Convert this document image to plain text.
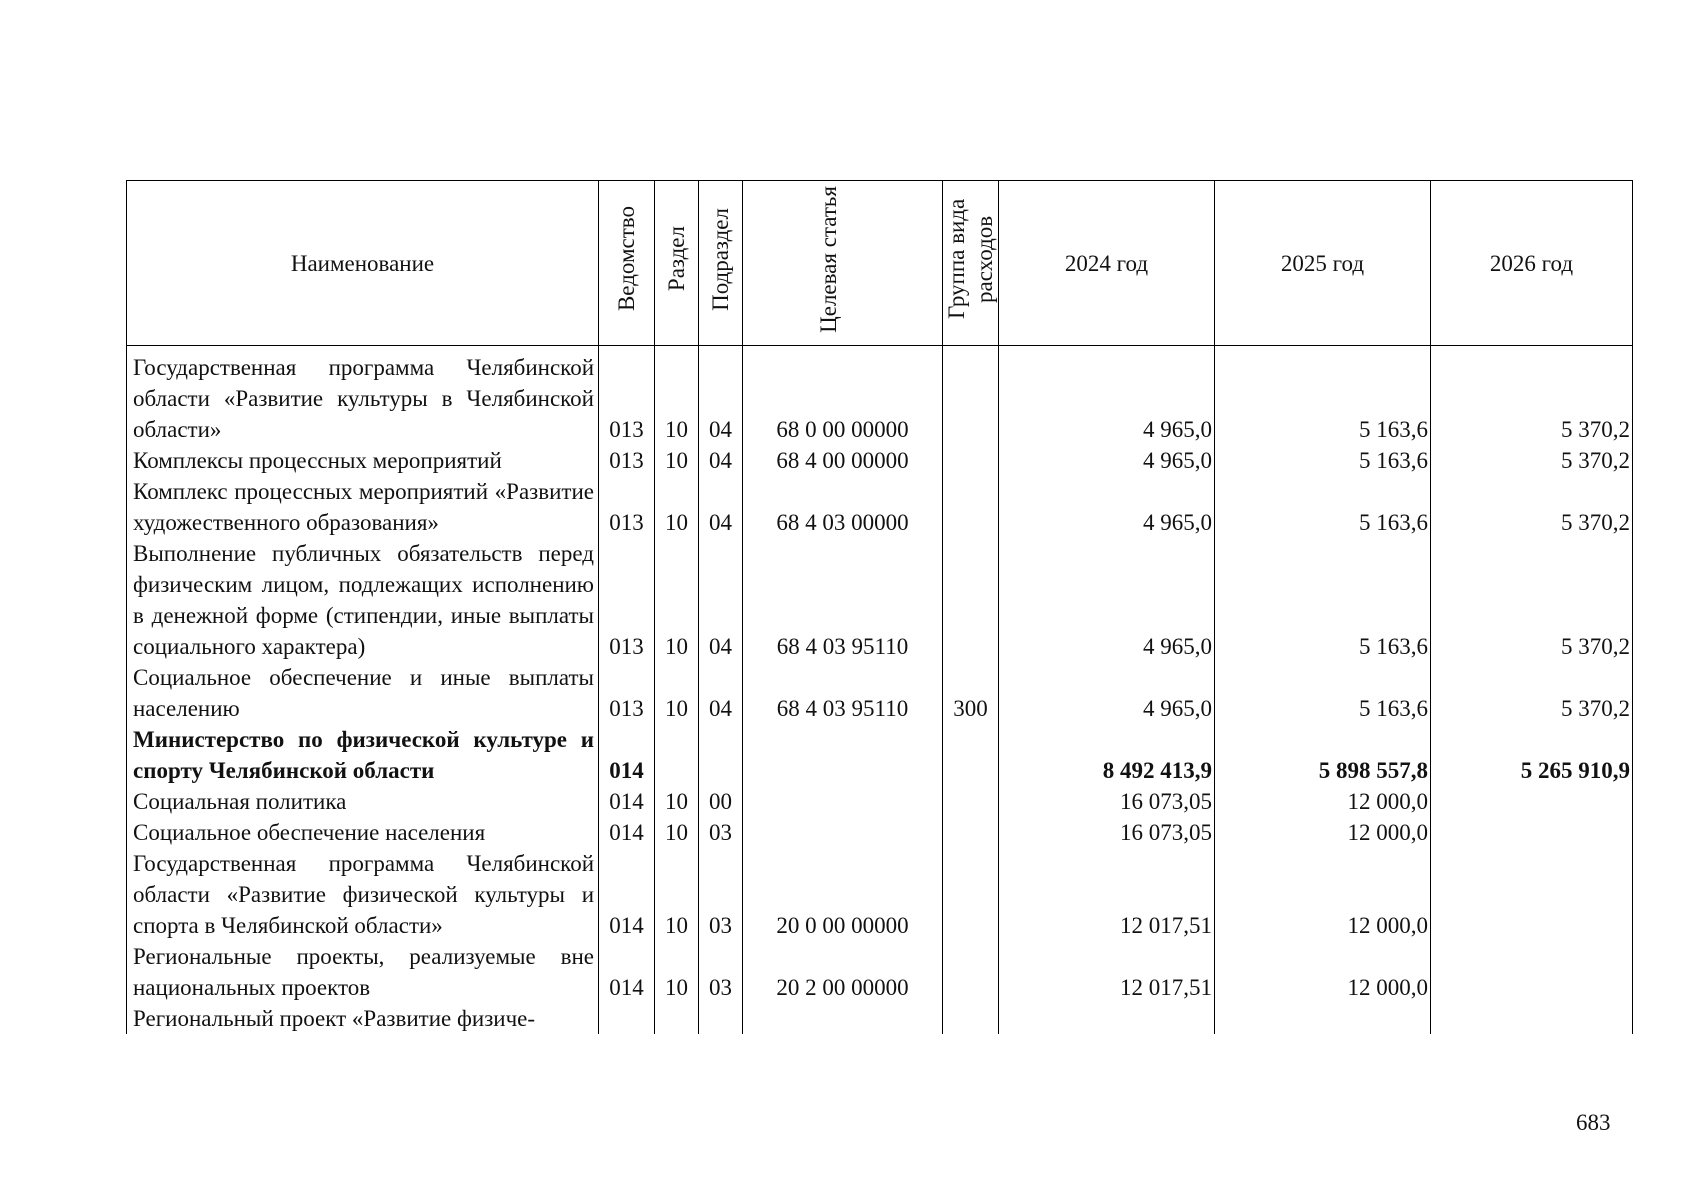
Наименование	Ведомство	Раздел	Подраздел	Целевая статья	Группа вида расходов	2024 год	2025 год	2026 год
Государственная программа Челябинской области «Развитие культуры в Челябинской области»	013	10	04	68 0 00 00000		4 965,0	5 163,6	5 370,2
Комплексы процессных мероприятий	013	10	04	68 4 00 00000		4 965,0	5 163,6	5 370,2
Комплекс процессных мероприятий «Развитие художественного образования»	013	10	04	68 4 03 00000		4 965,0	5 163,6	5 370,2
Выполнение публичных обязательств перед физическим лицом, подлежащих исполнению в денежной форме (стипендии, иные выплаты социального характера)	013	10	04	68 4 03 95110		4 965,0	5 163,6	5 370,2
Социальное обеспечение и иные выплаты населению	013	10	04	68 4 03 95110	300	4 965,0	5 163,6	5 370,2
Министерство по физической культуре и спорту Челябинской области	014					8 492 413,9	5 898 557,8	5 265 910,9
Социальная политика	014	10	00			16 073,05	12 000,0	
Социальное обеспечение населения	014	10	03			16 073,05	12 000,0	
Государственная программа Челябинской области «Развитие физической культуры и спорта в Челябинской области»	014	10	03	20 0 00 00000		12 017,51	12 000,0	
Региональные проекты, реализуемые вне национальных проектов	014	10	03	20 2 00 00000		12 017,51	12 000,0	
Региональный проект «Развитие физиче-								
683
